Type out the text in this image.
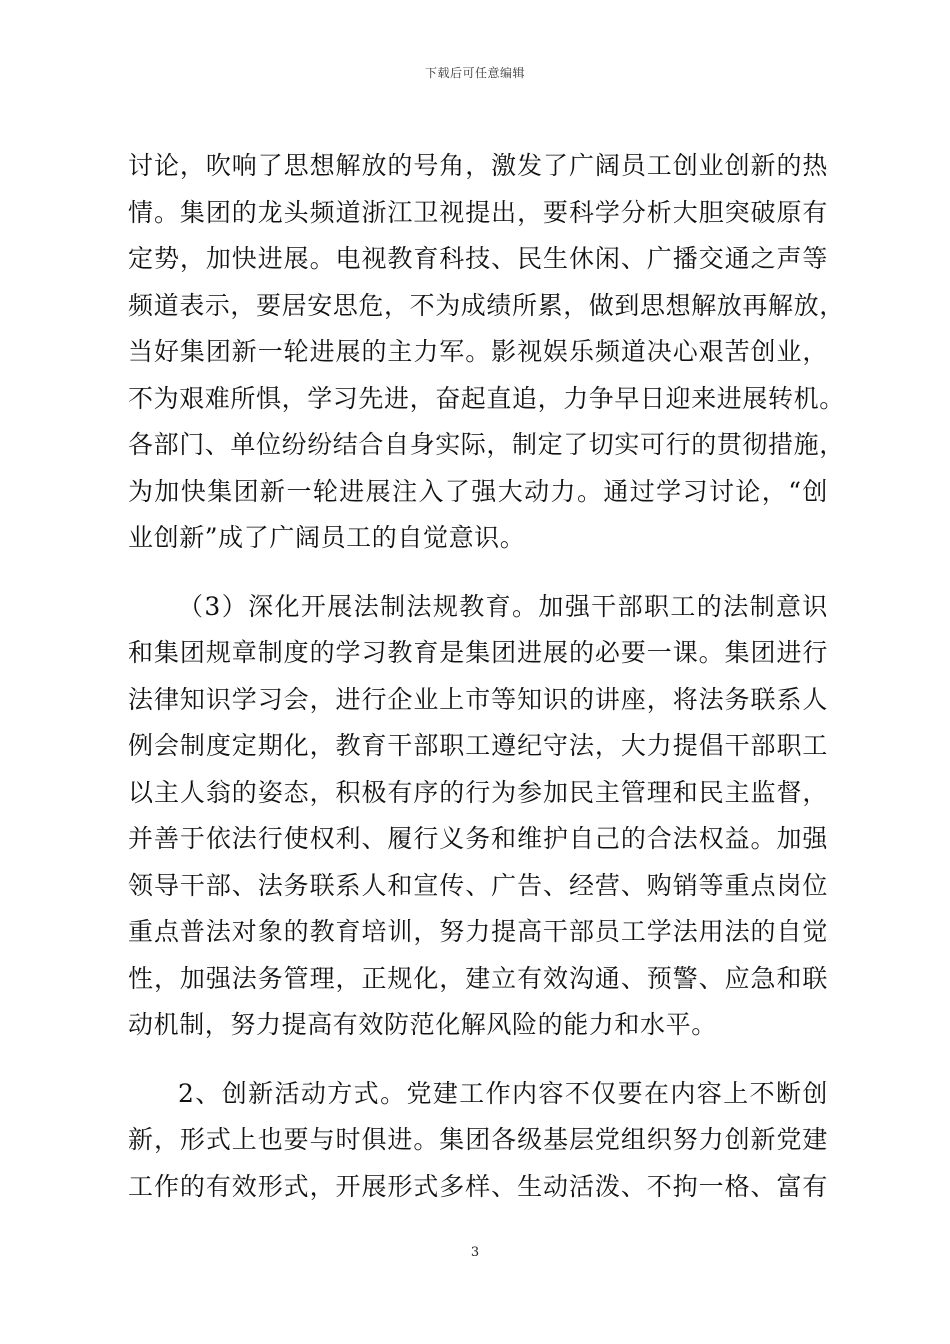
下载后可任意编辑
讨论，吹响了思想解放的号角，激发了广阔员工创业创新的热
情。集团的龙头频道浙江卫视提出，要科学分析大胆突破原有
定势，加快进展。电视教育科技、民生休闲、广播交通之声等
频道表示，要居安思危，不为成绩所累，做到思想解放再解放，
当好集团新一轮进展的主力军。影视娱乐频道决心艰苦创业，
不为艰难所惧，学习先进，奋起直追，力争早日迎来进展转机。
各部门、单位纷纷结合自身实际，制定了切实可行的贯彻措施，
为加快集团新一轮进展注入了强大动力。通过学习讨论，“创
业创新”成了广阔员工的自觉意识。
（3）深化开展法制法规教育。加强干部职工的法制意识
和集团规章制度的学习教育是集团进展的必要一课。集团进行
法律知识学习会，进行企业上市等知识的讲座，将法务联系人
例会制度定期化，教育干部职工遵纪守法，大力提倡干部职工
以主人翁的姿态，积极有序的行为参加民主管理和民主监督，
并善于依法行使权利、履行义务和维护自己的合法权益。加强
领导干部、法务联系人和宣传、广告、经营、购销等重点岗位
重点普法对象的教育培训，努力提高干部员工学法用法的自觉
性，加强法务管理，正规化，建立有效沟通、预警、应急和联
动机制，努力提高有效防范化解风险的能力和水平。
2、创新活动方式。党建工作内容不仅要在内容上不断创
新，形式上也要与时俱进。集团各级基层党组织努力创新党建
工作的有效形式，开展形式多样、生动活泼、不拘一格、富有
3
